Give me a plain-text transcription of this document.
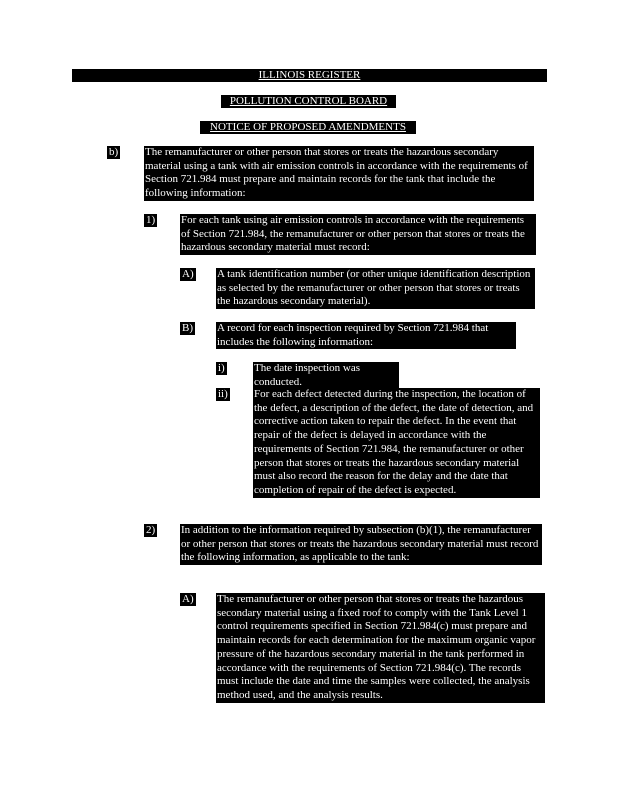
ILLINOIS REGISTER
POLLUTION CONTROL BOARD
NOTICE OF PROPOSED AMENDMENTS
b) The remanufacturer or other person that stores or treats the hazardous secondary material using a tank with air emission controls in accordance with the requirements of Section 721.984 must prepare and maintain records for the tank that include the following information:

1) For each tank using air emission controls in accordance with the requirements of Section 721.984, the remanufacturer or other person that stores or treats the hazardous secondary material must record:

A) A tank identification number (or other unique identification description as selected by the remanufacturer or other person that stores or treats the hazardous secondary material).

B) A record for each inspection required by Section 721.984 that includes the following information:

i)	The date inspection was conducted.

ii) For each defect detected during the inspection, the location of the defect, a description of the defect, the date of detection, and corrective action taken to repair the defect. In the event that repair of the defect is delayed in accordance with the requirements of Section 721.984, the remanufacturer or other person that stores or treats the hazardous secondary material must also record the reason for the delay and the date that completion of repair of the defect is expected.

2) In addition to the information required by subsection (b)(1), the remanufacturer or other person that stores or treats the hazardous secondary material must record the following information, as applicable to the tank:

A) The remanufacturer or other person that stores or treats the hazardous secondary material using a fixed roof to comply with the Tank Level 1 control requirements specified in Section 721.984(c) must prepare and maintain records for each determination for the maximum organic vapor pressure of the hazardous secondary material in the tank performed in accordance with the requirements of Section 721.984(c). The records must include the date and time the samples were collected, the analysis method used, and the analysis results.
